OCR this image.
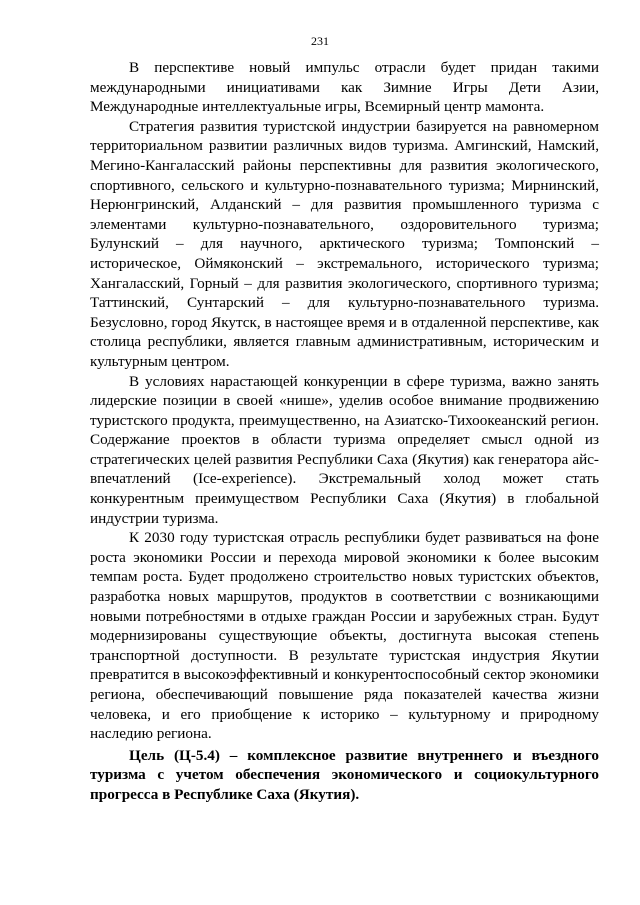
231

В перспективе новый импульс отрасли будет придан такими международными инициативами как Зимние Игры Дети Азии, Международные интеллектуальные игры, Всемирный центр мамонта.

Стратегия развития туристской индустрии базируется на равномерном территориальном развитии различных видов туризма. Амгинский, Намский, Мегино-Кангаласский районы перспективны для развития экологического, спортивного, сельского и культурно-познавательного туризма; Мирнинский, Нерюнгринский, Алданский – для развития промышленного туризма с элементами культурно-познавательного, оздоровительного туризма; Булунский – для научного, арктического туризма; Томпонский – историческое, Оймяконский – экстремального, исторического туризма; Хангаласский, Горный – для развития экологического, спортивного туризма; Таттинский, Сунтарский – для культурно-познавательного туризма. Безусловно, город Якутск, в настоящее время и в отдаленной перспективе, как столица республики, является главным административным, историческим и культурным центром.

В условиях нарастающей конкуренции в сфере туризма, важно занять лидерские позиции в своей «нише», уделив особое внимание продвижению туристского продукта, преимущественно, на Азиатско-Тихоокеанский регион. Содержание проектов в области туризма определяет смысл одной из стратегических целей развития Республики Саха (Якутия) как генератора айс-впечатлений (Ice-experience). Экстремальный холод может стать конкурентным преимуществом Республики Саха (Якутия) в глобальной индустрии туризма.

К 2030 году туристская отрасль республики будет развиваться на фоне роста экономики России и перехода мировой экономики к более высоким темпам роста. Будет продолжено строительство новых туристских объектов, разработка новых маршрутов, продуктов в соответствии с возникающими новыми потребностями в отдыхе граждан России и зарубежных стран. Будут модернизированы существующие объекты, достигнута высокая степень транспортной доступности. В результате туристская индустрия Якутии превратится в высокоэффективный и конкурентоспособный сектор экономики региона, обеспечивающий повышение ряда показателей качества жизни человека, и его приобщение к историко – культурному и природному наследию региона.

Цель (Ц-5.4) – комплексное развитие внутреннего и въездного туризма с учетом обеспечения экономического и социокультурного прогресса в Республике Саха (Якутия).
